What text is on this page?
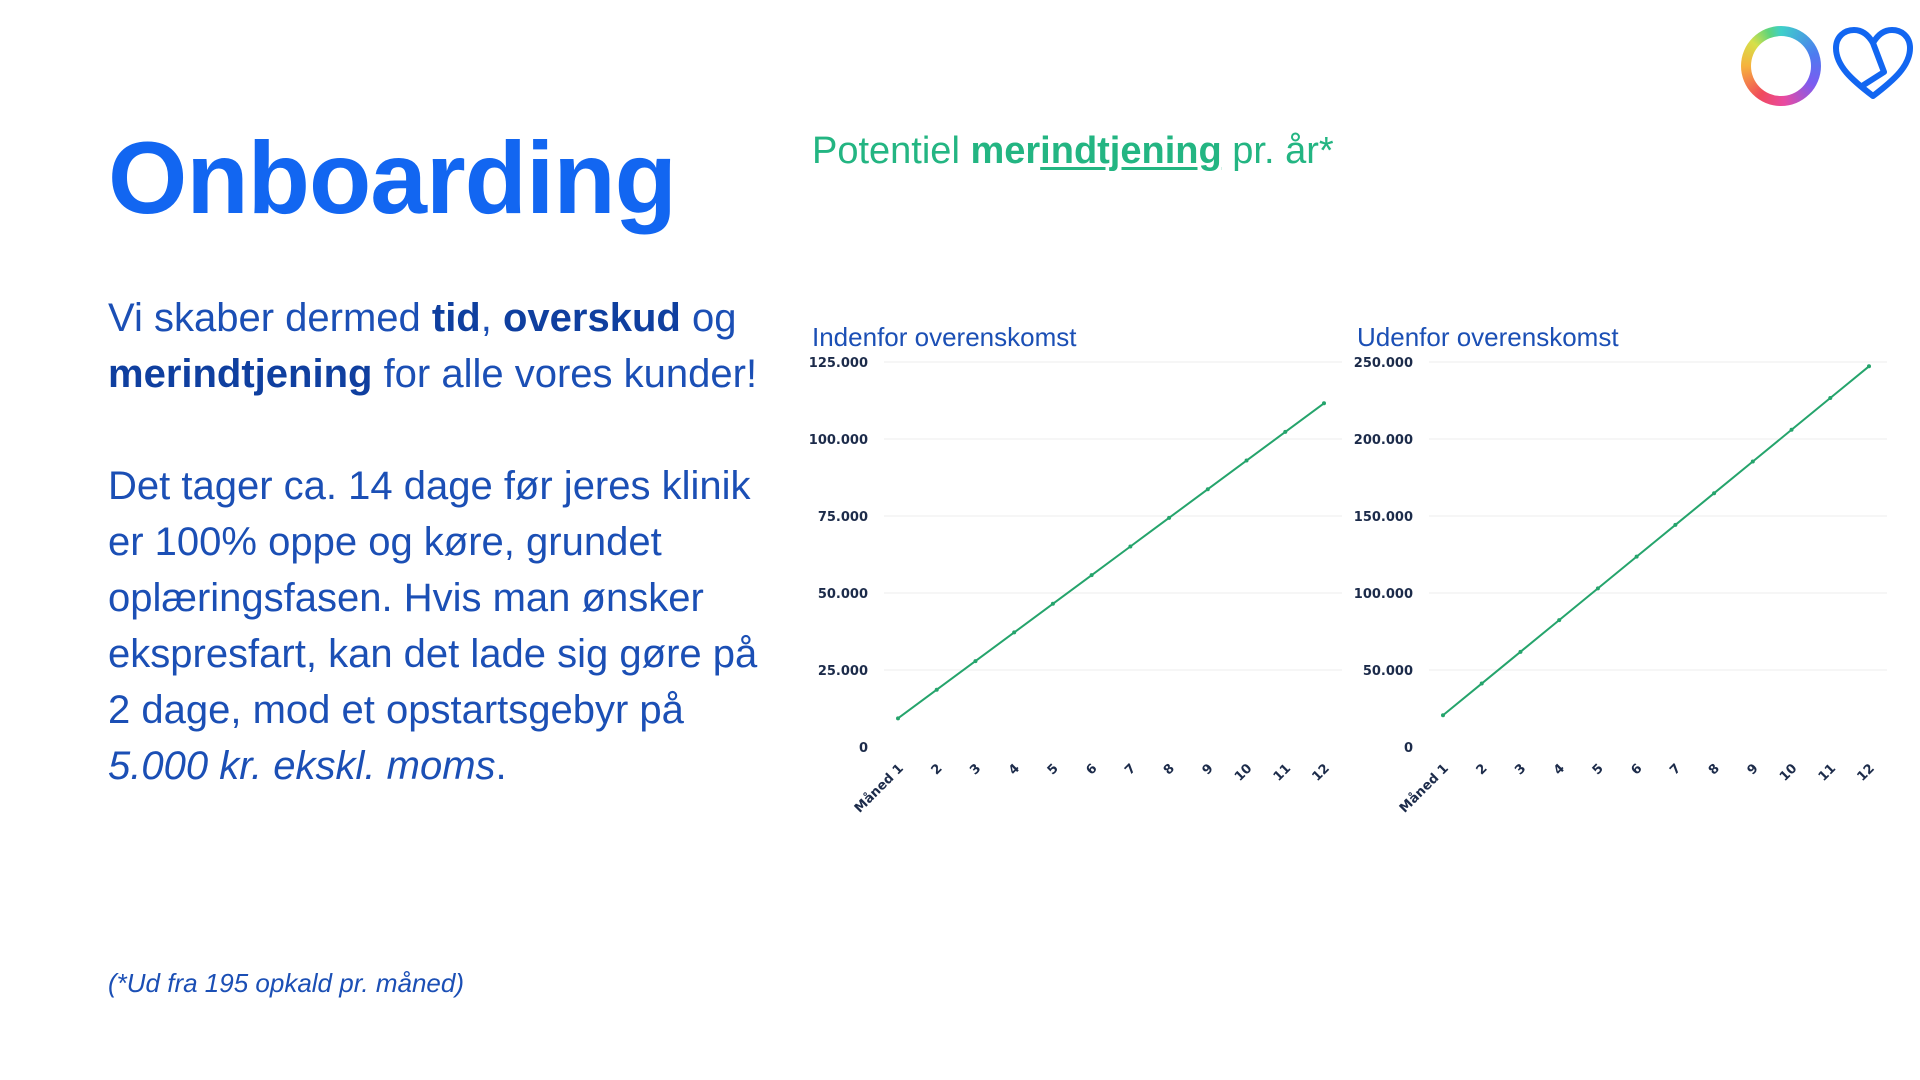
Onboarding

Vi skaber dermed tid, overskud og merindtjening for alle vores kunder!

Det tager ca. 14 dage før jeres klinik er 100% oppe og køre, grundet oplæringsfasen. Hvis man ønsker ekspresfart, kan det lade sig gøre på 2 dage, mod et opstartsgebyr på 5.000 kr. ekskl. moms.

(*Ud fra 195 opkald pr. måned)
Potentiel merindtjening pr. år*
Indenfor overenskomst
0
25.000
50.000
75.000
100.000
125.000
Måned 1 2 3 4 5 6 7 8 9 10 11 12
Udenfor overenskomst
0
50.000
100.000
150.000
200.000
250.000
Måned 1 2 3 4 5 6 7 8 9 10 11 12
